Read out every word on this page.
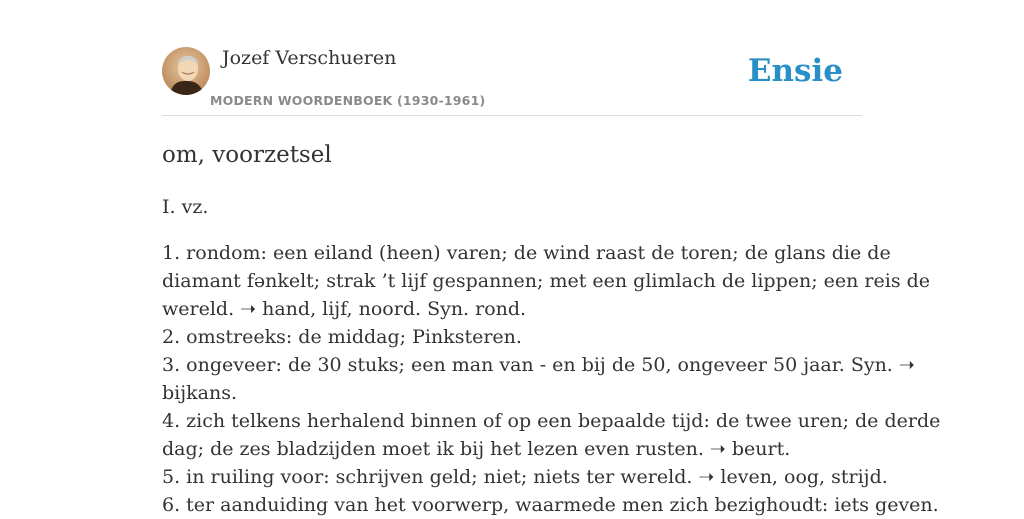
Jozef Verschueren
MODERN WOORDENBOEK (1930-1961)
Ensie
om, voorzetsel
I. vz.
1. rondom: een eiland (heen) varen; de wind raast de toren; de glans die de
diamant fənkelt; strak ’t lijf gespannen; met een glimlach de lippen; een reis de
wereld. ➝ hand, lijf, noord. Syn. rond.
2. omstreeks: de middag; Pinksteren.
3. ongeveer: de 30 stuks; een man van - en bij de 50, ongeveer 50 jaar. Syn. ➝
bijkans.
4. zich telkens herhalend binnen of op een bepaalde tijd: de twee uren; de derde
dag; de zes bladzijden moet ik bij het lezen even rusten. ➝ beurt.
5. in ruiling voor: schrijven geld; niet; niets ter wereld. ➝ leven, oog, strijd.
6. ter aanduiding van het voorwerp, waarmede men zich bezighoudt: iets geven.
